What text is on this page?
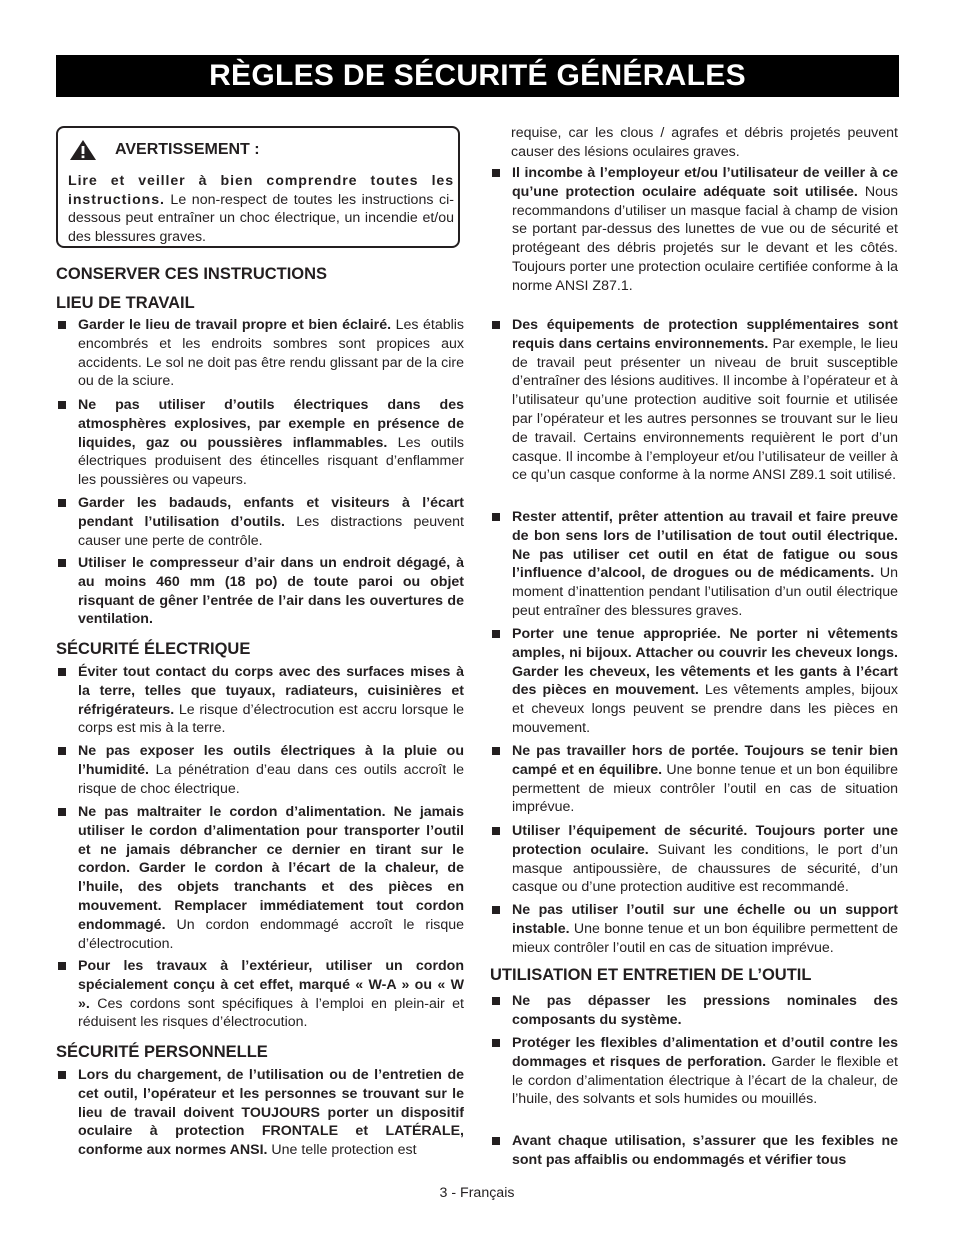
RÈGLES DE SÉCURITÉ GÉNÉRALES
AVERTISSEMENT :
Lire et veiller à bien comprendre toutes les instructions. Le non-respect de toutes les instructions ci-dessous peut entraîner un choc électrique, un incendie et/ou des blessures graves.
CONSERVER CES INSTRUCTIONS
LIEU DE TRAVAIL
Garder le lieu de travail propre et bien éclairé. Les établis encombrés et les endroits sombres sont propices aux accidents. Le sol ne doit pas être rendu glissant par de la cire ou de la sciure.
Ne pas utiliser d’outils électriques dans des atmosphères explosives, par exemple en présence de liquides, gaz ou poussières inflammables. Les outils électriques produisent des étincelles risquant d’enflammer les poussières ou vapeurs.
Garder les badauds, enfants et visiteurs à l’écart pendant l’utilisation d’outils. Les distractions peuvent causer une perte de contrôle.
Utiliser le compresseur d’air dans un endroit dégagé, à au moins 460 mm (18 po) de toute paroi ou objet risquant de gêner l’entrée de l’air dans les ouvertures de ventilation.
SÉCURITÉ ÉLECTRIQUE
Éviter tout contact du corps avec des surfaces mises à la terre, telles que tuyaux, radiateurs, cuisinières et réfrigérateurs. Le risque d’électrocution est accru lorsque le corps est mis à la terre.
Ne pas exposer les outils électriques à la pluie ou l’humidité. La pénétration d’eau dans ces outils accroît le risque de choc électrique.
Ne pas maltraiter le cordon d’alimentation. Ne jamais utiliser le cordon d’alimentation pour transporter l’outil et ne jamais débrancher ce dernier en tirant sur le cordon. Garder le cordon à l’écart de la chaleur, de l’huile, des objets tranchants et des pièces en mouvement. Remplacer immédiatement tout cordon endommagé. Un cordon endommagé accroît le risque d’électrocution.
Pour les travaux à l’extérieur, utiliser un cordon spécialement conçu à cet effet, marqué « W-A » ou « W ». Ces cordons sont spécifiques à l’emploi en plein-air et réduisent les risques d’électrocution.
SÉCURITÉ PERSONNELLE
Lors du chargement, de l’utilisation ou de l’entretien de cet outil, l’opérateur et les personnes se trouvant sur le lieu de travail doivent TOUJOURS porter un dispositif oculaire à protection FRONTALE et LATÉRALE, conforme aux normes ANSI. Une telle protection est
requise, car les clous / agrafes et débris projetés peuvent causer des lésions oculaires graves.
Il incombe à l’employeur et/ou l’utilisateur de veiller à ce qu’une protection oculaire adéquate soit utilisée. Nous recommandons d’utiliser un masque facial à champ de vision se portant par-dessus des lunettes de vue ou de sécurité et protégeant des débris projetés sur le devant et les côtés. Toujours porter une protection oculaire certifiée conforme à la norme ANSI Z87.1.
Des équipements de protection supplémentaires sont requis dans certains environnements. Par exemple, le lieu de travail peut présenter un niveau de bruit susceptible d’entraîner des lésions auditives. Il incombe à l’opérateur et à l’utilisateur qu’une protection auditive soit fournie et utilisée par l’opérateur et les autres personnes se trouvant sur le lieu de travail. Certains environnements requièrent le port d’un casque. Il incombe à l’employeur et/ou l’utilisateur de veiller à ce qu’un casque conforme à la norme ANSI Z89.1 soit utilisé.
Rester attentif, prêter attention au travail et faire preuve de bon sens lors de l’utilisation de tout outil électrique. Ne pas utiliser cet outil en état de fatigue ou sous l’influence d’alcool, de drogues ou de médicaments. Un moment d’inattention pendant l’utilisation d’un outil électrique peut entraîner des blessures graves.
Porter une tenue appropriée. Ne porter ni vêtements amples, ni bijoux. Attacher ou couvrir les cheveux longs. Garder les cheveux, les vêtements et les gants à l’écart des pièces en mouvement. Les vêtements amples, bijoux et cheveux longs peuvent se prendre dans les pièces en mouvement.
Ne pas travailler hors de portée. Toujours se tenir bien campé et en équilibre. Une bonne tenue et un bon équilibre permettent de mieux contrôler l’outil en cas de situation imprévue.
Utiliser l’équipement de sécurité. Toujours porter une protection oculaire. Suivant les conditions, le port d’un masque antipoussière, de chaussures de sécurité, d’un casque ou d’une protection auditive est recommandé.
Ne pas utiliser l’outil sur une échelle ou un support instable. Une bonne tenue et un bon équilibre permettent de mieux contrôler l’outil en cas de situation imprévue.
UTILISATION ET ENTRETIEN DE L’OUTIL
Ne pas dépasser les pressions nominales des composants du système.
Protéger les flexibles d’alimentation et d’outil contre les dommages et risques de perforation. Garder le flexible et le cordon d’alimentation électrique à l’écart de la chaleur, de l’huile, des solvants et sols humides ou mouillés.
Avant chaque utilisation, s’assurer que les fexibles ne sont pas affaiblis ou endommagés et vérifier tous
3 - Français
